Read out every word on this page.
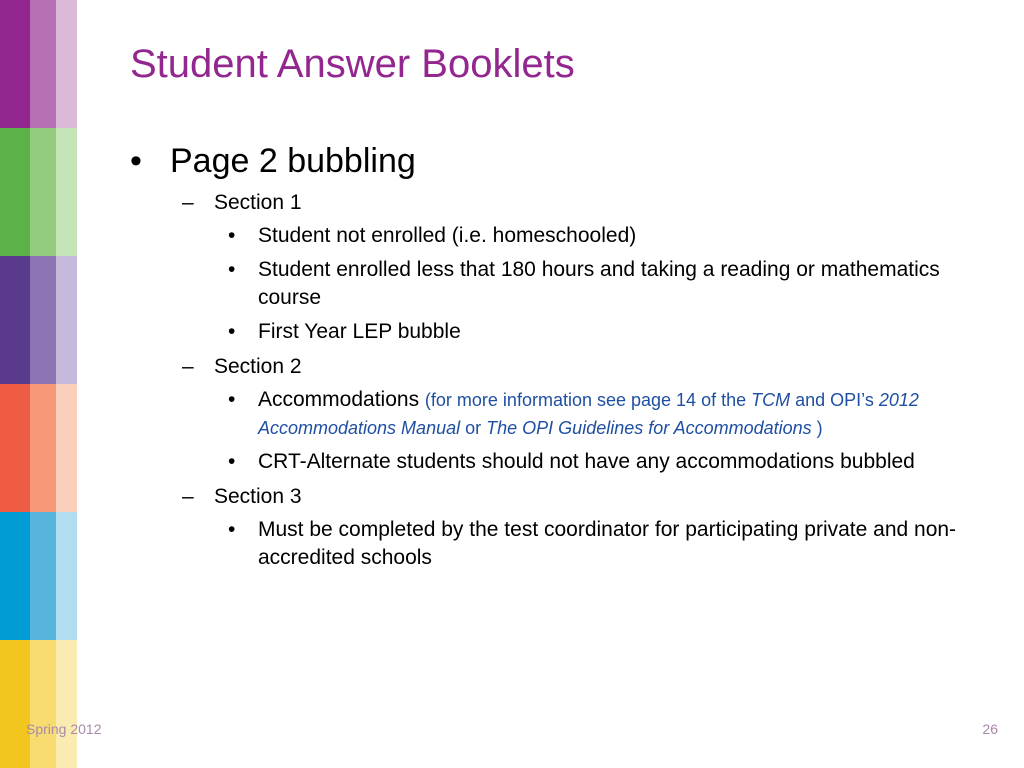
Student Answer Booklets
• Page 2 bubbling
– Section 1
• Student not enrolled (i.e. homeschooled)
• Student enrolled less that 180 hours and taking a reading or mathematics course
• First Year LEP bubble
– Section 2
• Accommodations (for more information see page 14 of the TCM and OPI’s 2012 Accommodations Manual or The OPI Guidelines for Accommodations )
• CRT-Alternate students should not have any accommodations bubbled
– Section 3
• Must be completed by the test coordinator for participating private and non-accredited schools
Spring 2012	26
